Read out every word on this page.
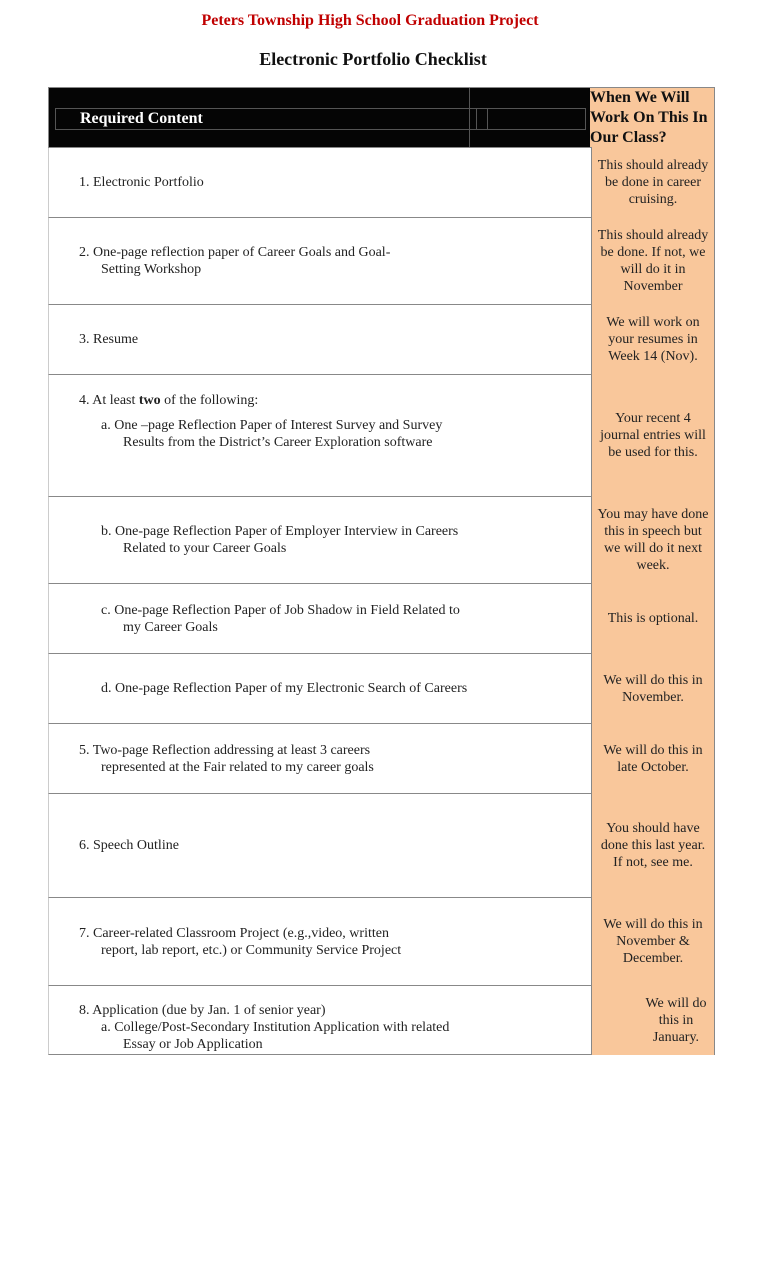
Peters Township High School Graduation Project
Electronic Portfolio Checklist
Required Content
When We Will Work On This In Our Class?
1. Electronic Portfolio
This should already be done in career cruising.
2. One-page reflection paper of Career Goals and Goal-
Setting Workshop
This should already be done. If not, we will do it in November
3. Resume
We will work on your resumes in Week 14 (Nov).
4. At least two of the following:
a. One –page Reflection Paper of Interest Survey and Survey Results from the District’s Career Exploration software
Your recent 4 journal entries will be used for this.
b. One-page Reflection Paper of Employer Interview in Careers Related to your Career Goals
You may have done this in speech but we will do it next week.
c. One-page Reflection Paper of Job Shadow in Field Related to my Career Goals
This is optional.
d. One-page Reflection Paper of my Electronic Search of Careers
We will do this in November.
5. Two-page Reflection addressing at least 3 careers
represented at the Fair related to my career goals
We will do this in late October.
6. Speech Outline
You should have done this last year. If not, see me.
7. Career-related Classroom Project (e.g.,video, written
report, lab report, etc.) or Community Service Project
We will do this in November & December.
8. Application (due by Jan. 1 of senior year)
a. College/Post-Secondary Institution Application with related Essay or Job Application
We will do this in January.
